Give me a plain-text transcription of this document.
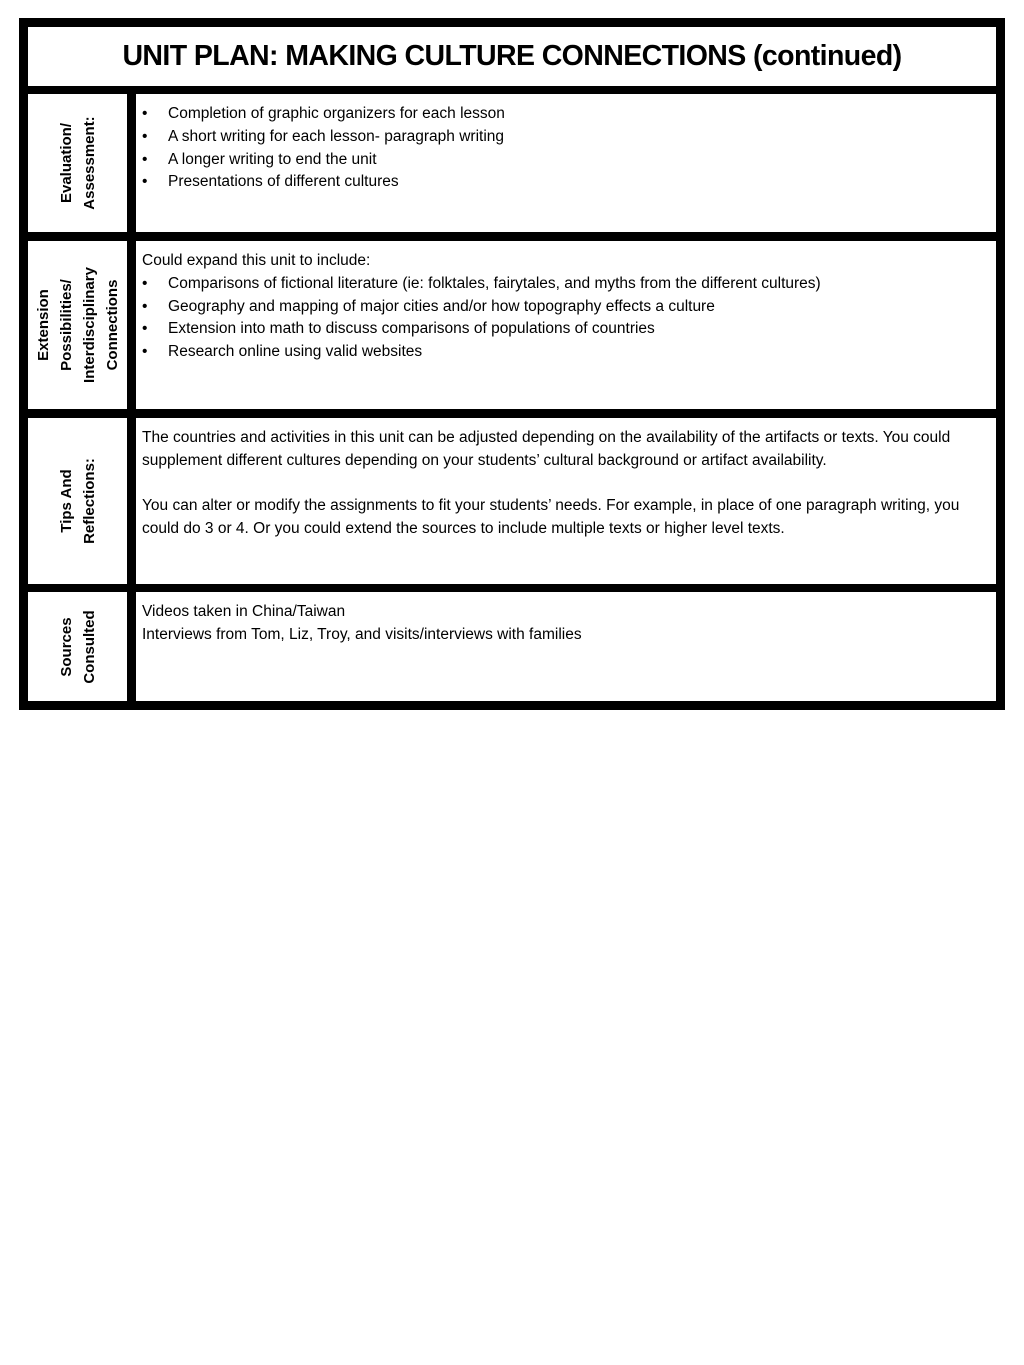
UNIT PLAN: MAKING CULTURE CONNECTIONS (continued)
Evaluation/ Assessment:
• Completion of graphic organizers for each lesson
• A short writing for each lesson- paragraph writing
• A longer writing to end the unit
• Presentations of different cultures
Extension Possibilities/ Interdisciplinary Connections

Could expand this unit to include:

• Comparisons of fictional literature (ie: folktales, fairytales, and myths from the different cultures)
• Geography and mapping of major cities and/or how topography effects a culture
• Extension into math to discuss comparisons of populations of countries
• Research online using valid websites
Tips And Reflections:

The countries and activities in this unit can be adjusted depending on the availability of the artifacts or texts. You could supplement different cultures depending on your students’ cultural background or artifact availability.

You can alter or modify the assignments to fit your students’ needs. For example, in place of one paragraph writing, you could do 3 or 4. Or you could extend the sources to include multiple texts or higher level texts.

Sources Consulted	Videos taken in China/Taiwan

Interviews from Tom, Liz, Troy, and visits/interviews with families
